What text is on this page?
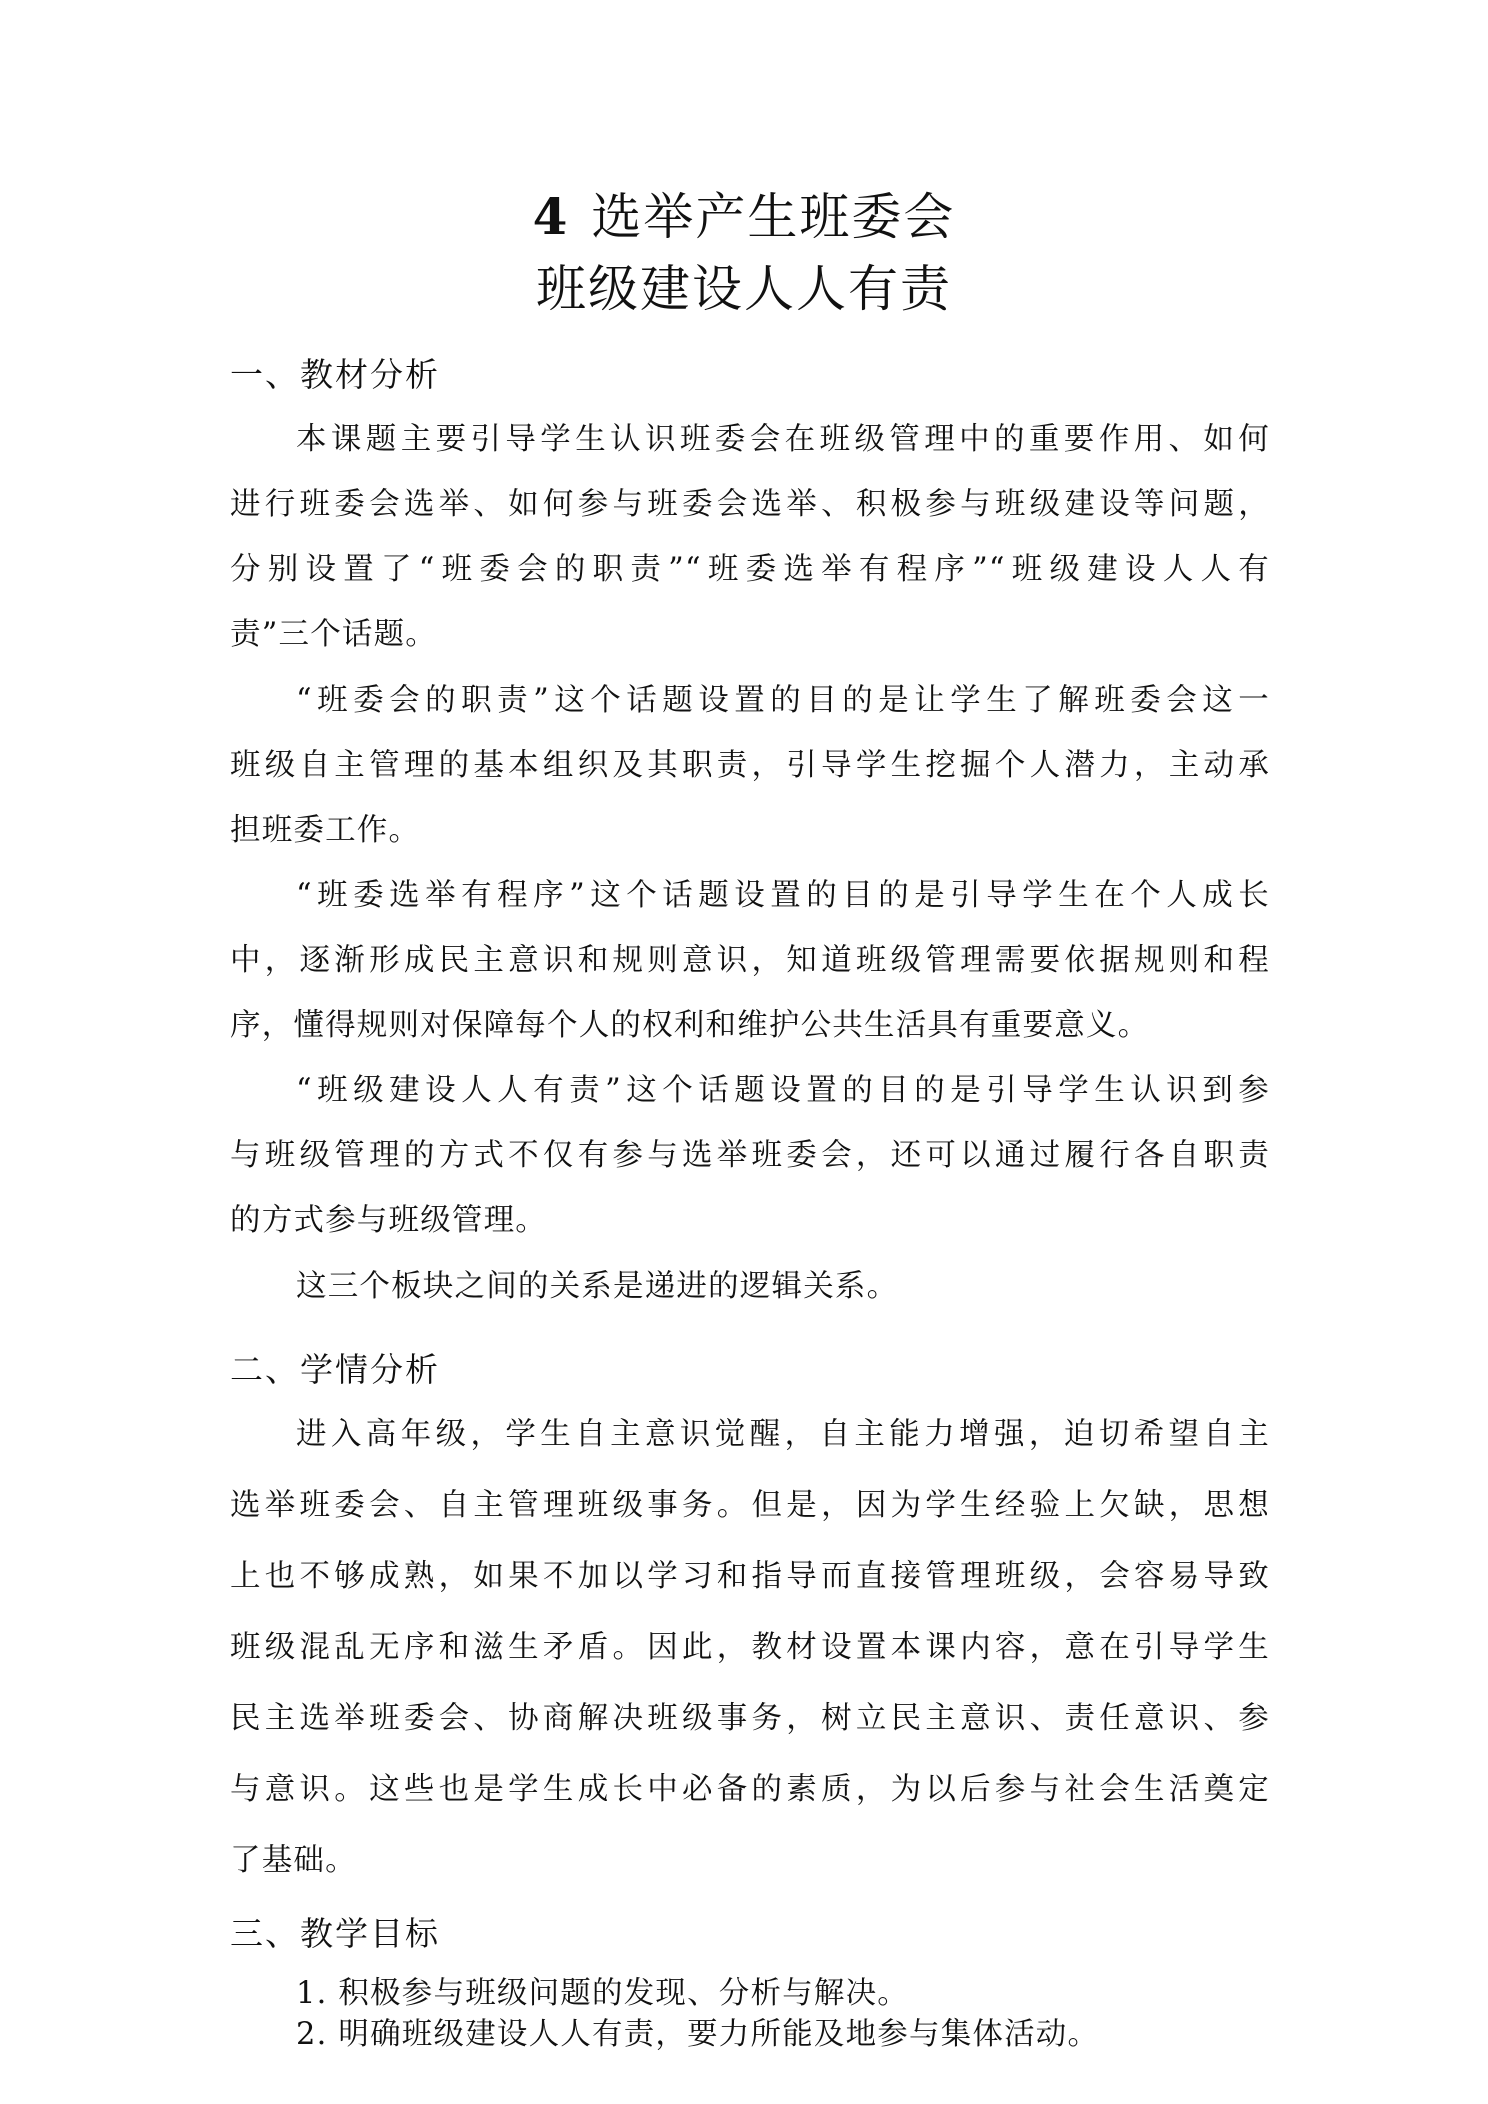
4 选举产生班委会
班级建设人人有责
一、教材分析
本课题主要引导学生认识班委会在班级管理中的重要作用、如何
进行班委会选举、如何参与班委会选举、积极参与班级建设等问题，
分别设置了“班委会的职责”“班委选举有程序”“班级建设人人有
责”三个话题。
“班委会的职责”这个话题设置的目的是让学生了解班委会这一
班级自主管理的基本组织及其职责，引导学生挖掘个人潜力，主动承
担班委工作。
“班委选举有程序”这个话题设置的目的是引导学生在个人成长
中，逐渐形成民主意识和规则意识，知道班级管理需要依据规则和程
序，懂得规则对保障每个人的权利和维护公共生活具有重要意义。
“班级建设人人有责”这个话题设置的目的是引导学生认识到参
与班级管理的方式不仅有参与选举班委会，还可以通过履行各自职责
的方式参与班级管理。
这三个板块之间的关系是递进的逻辑关系。
二、学情分析
进入高年级，学生自主意识觉醒，自主能力增强，迫切希望自主
选举班委会、自主管理班级事务。但是，因为学生经验上欠缺，思想
上也不够成熟，如果不加以学习和指导而直接管理班级，会容易导致
班级混乱无序和滋生矛盾。因此，教材设置本课内容，意在引导学生
民主选举班委会、协商解决班级事务，树立民主意识、责任意识、参
与意识。这些也是学生成长中必备的素质，为以后参与社会生活奠定
了基础。
三、教学目标
1. 积极参与班级问题的发现、分析与解决。
2. 明确班级建设人人有责，要力所能及地参与集体活动。
